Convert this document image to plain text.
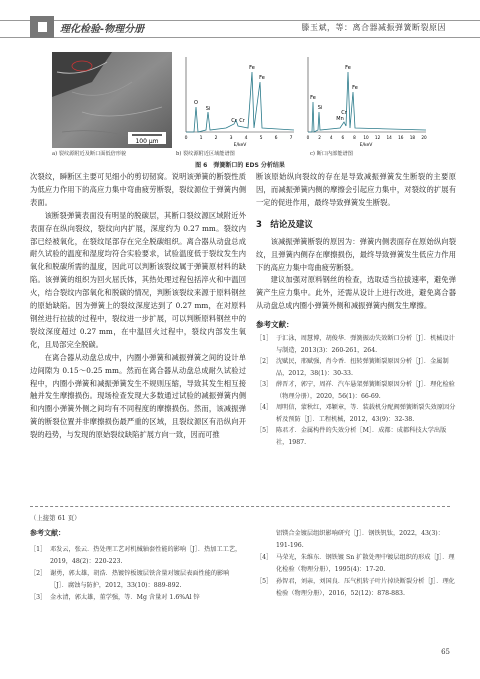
理化检验-物理分册	滕玉斌，等：离合器减振弹簧断裂原因
100 μm
a) 裂纹源附近及断口面低倍形貌
O
Si
Cr Cr
Fe
Fe
0	1	2	3	4	5	6	7
E/keV
b) 裂纹源附近区域能谱图
Fe
Si
Mn
Cr
Fe
Fe
0 2 4 6 8 10 12 14 16 18 20
E/keV
c) 断口内部能谱图
图 6　弹簧断口的 EDS 分析结果

次裂纹，瞬断区主要可见细小的剪切韧窝。说明该弹簧的断裂性质为低应力作用下的高应力集中弯曲疲劳断裂，裂纹源位于弹簧内侧表面。

该断裂弹簧表面没有明显的脱碳层，其断口裂纹源区域附近外表面存在纵向裂纹，裂纹向内扩展，深度约为 0.27 mm。裂纹内部已经被氧化，在裂纹尾部存在完全脱碳组织。离合器从动盘总成耐久试验的温度和湿度均符合实验要求，试验温度低于裂纹发生内氧化和脱碳所需的温度，因此可以判断该裂纹属于弹簧原材料的缺陷。该弹簧的组织为回火屈氏体，其热处理过程包括淬火和中温回火，结合裂纹内部氧化和脱碳的情况，判断该裂纹来源于原料钢丝的原始缺陷。因为弹簧上的裂纹深度达到了 0.27 mm，在对原料钢丝进行拉拔的过程中，裂纹进一步扩展，可以判断原料钢丝中的裂纹深度超过 0.27 mm，在中温回火过程中，裂纹内部发生氧化，且局部完全脱碳。

在离合器从动盘总成中，内圈小弹簧和减振弹簧之间的设计单边间隙为 0.15～0.25 mm。然而在离合器从动盘总成耐久试验过程中，内圈小弹簧和减振弹簧发生不规则压缩，导致其发生相互接触并发生摩擦损伤。现场检查发现大多数通过试验的减振弹簧内侧和内圈小弹簧外侧之间均有不同程度的摩擦损伤。然而，该减振弹簧的断裂位置并非摩擦损伤最严重的区域，且裂纹源区有沿纵向开裂的趋势，与发现的原始裂纹缺陷扩展方向一致，因而可推

断该原始纵向裂纹的存在是导致减振弹簧发生断裂的主要原因，而减振弹簧内侧的摩擦会引起应力集中，对裂纹的扩展有一定的促进作用，最终导致弹簧发生断裂。

3　结论及建议

该减振弹簧断裂的原因为：弹簧内侧表面存在原始纵向裂纹，且弹簧内侧存在摩擦损伤，最终导致弹簧发生低应力作用下的高应力集中弯曲疲劳断裂。

建议加强对原料钢丝的检查，选取适当拉拔速率，避免弹簧产生应力集中。此外，还需从设计上进行改进，避免离合器从动盘总成内圈小弹簧外侧和减振弹簧内侧发生摩擦。

参考文献：
［1］ 于汇泳，周慧博，胡俊华．弹簧振动失效断口分析［J］．机械设计与制造，2013(3)：260-261，264.
［2］ 沈赋民，邢赋强，肖今香．扭转弹簧断裂原因分析［J］．金属制品，2012，38(1)：30-33.
［3］ 薛晋才，郭宁，周祥．汽车悬架弹簧断裂原因分析［J］．理化检验（物理分册），2020，56(1)：66-69.
［4］ 周明信，蒙秋红，邓颖章，等．装载机分配阀弹簧断裂失效原因分析及预防［J］．工程机械，2012，43(9)：32-38.
［5］ 陈君才．金属构件的失效分析［M］．成都：成都科技大学出版社，1987.
（上接第 61 页）
参考文献：
［1］ 邓发云，张云．热处理工艺对机械轴套性能的影响［J］．热加工工艺，2019，48(2)：220-223.
［2］ 谢勇，郭太雄，胡浩．热镀锌板镀层铁含量对镀层表面性能的影响［J］．腐蚀与防护，2012，33(10)：889-892.
［3］ 金永清，郭太雄，董学强，等．Mg 含量对 1.6%Al 锌
铝镁合金镀层组织影响研究［J］．钢铁钒钛，2022，43(3)：191-196.
［4］ 马荣光，朱维东．钢铁镀 Sn 扩散处理中镀层组织的形成［J］．理化检验（物理分册），1995(4)：17-20.
［5］ 孙智君，刘亲，刘国良．压气机转子叶片掉块断裂分析［J］．理化检验（物理分册），2016，52(12)：878-883.
65
